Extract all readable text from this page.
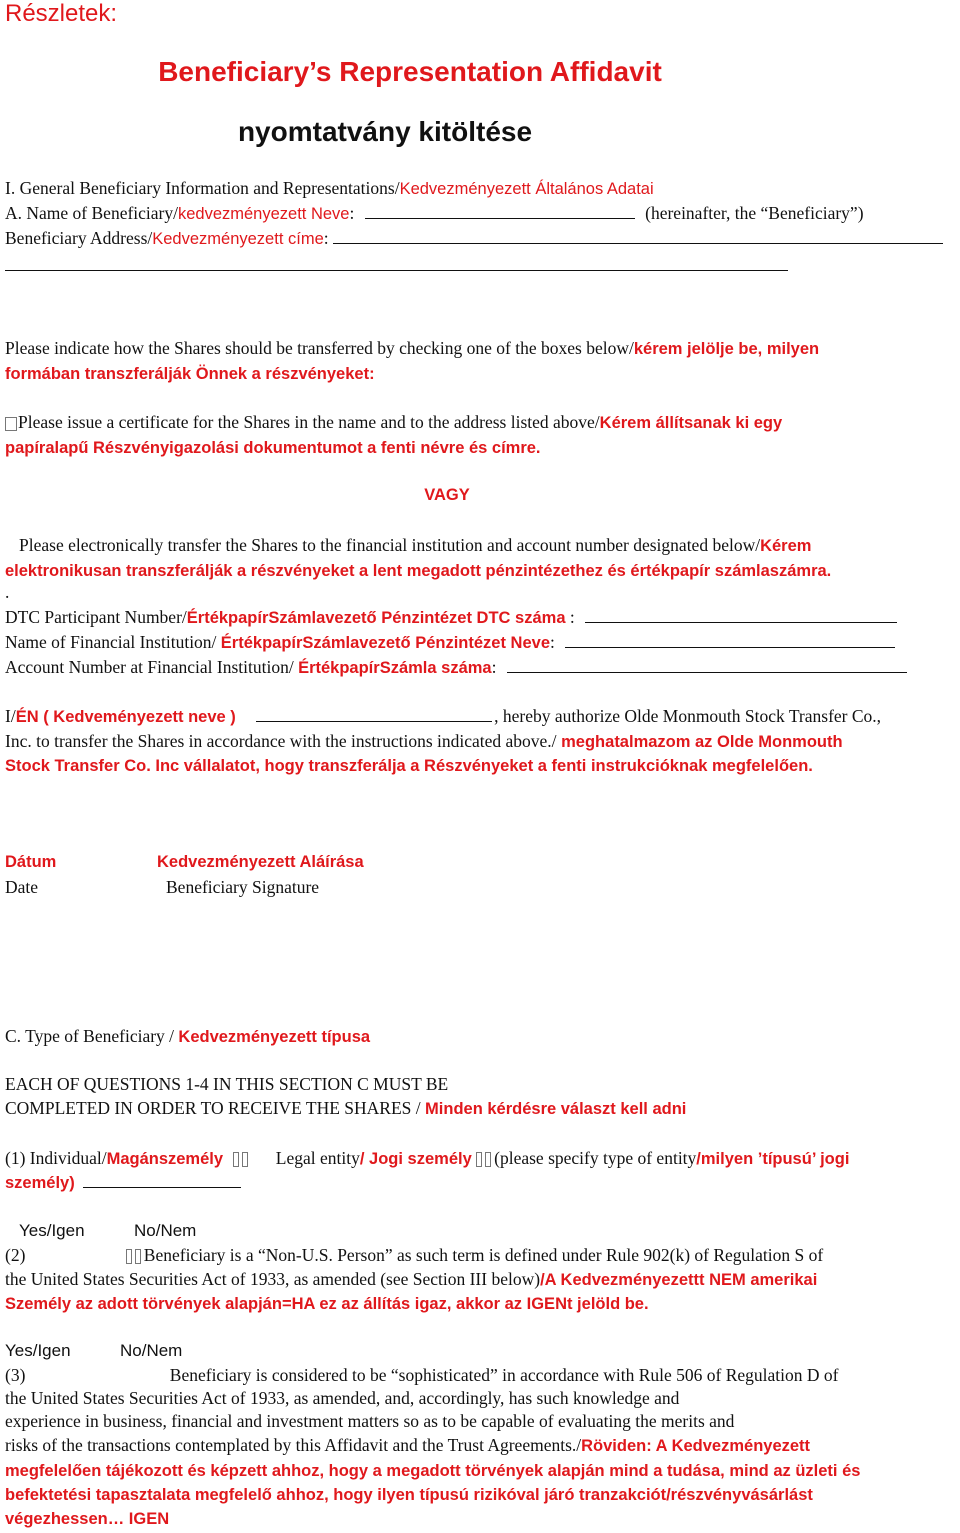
Részletek:
Beneficiary’s Representation Affidavit
nyomtatvány kitöltése
I. General Beneficiary Information and Representations/Kedvezményezett Általános Adatai
A. Name of Beneficiary/kedvezményezett Neve:	(hereinafter, the “Beneficiary”)
Beneficiary Address/Kedvezményezett címe:
Please indicate how the Shares should be transferred by checking one of the boxes below/kérem jelölje be, milyen
formában transzferálják Önnek a részvényeket:
Please issue a certificate for the Shares in the name and to the address listed above/Kérem állítsanak ki egy
papíralapű Részvényigazolási dokumentumot a fenti névre és címre.
VAGY
Please electronically transfer the Shares to the financial institution and account number designated below/Kérem
elektronikusan transzferálják a részvényeket a lent megadott pénzintézethez és értékpapír számlaszámra.
.
DTC Participant Number/ÉrtékpapírSzámlavezető Pénzintézet DTC száma :
Name of Financial Institution/ ÉrtékpapírSzámlavezető Pénzintézet Neve:
Account Number at Financial Institution/ ÉrtékpapírSzámla száma:
I/ÉN ( Kedveményezett neve )	, hereby authorize Olde Monmouth Stock Transfer Co.,
Inc. to transfer the Shares in accordance with the instructions indicated above./ meghatalmazom az Olde Monmouth
Stock Transfer Co. Inc vállalatot, hogy transzferálja a Részvényeket a fenti instrukcióknak megfelelően.
Dátum	Kedvezményezett Aláírása
Date	Beneficiary Signature
C. Type of Beneficiary / Kedvezményezett típusa
EACH OF QUESTIONS 1-4 IN THIS SECTION C MUST BE
COMPLETED IN ORDER TO RECEIVE THE SHARES / Minden kérdésre választ kell adni
(1) Individual/Magánszemély	Legal entity/ Jogi személy (please specify type of entity/milyen ’típusú’ jogi
személy)
Yes/Igen	No/Nem
(2)	Beneficiary is a “Non-U.S. Person” as such term is defined under Rule 902(k) of Regulation S of
the United States Securities Act of 1933, as amended (see Section III below)/A Kedvezményezettt NEM amerikai
Személy az adott törvények alapján=HA ez az állítás igaz, akkor az IGENt jelöld be.
Yes/Igen	No/Nem
(3)	Beneficiary is considered to be “sophisticated” in accordance with Rule 506 of Regulation D of
the United States Securities Act of 1933, as amended, and, accordingly, has such knowledge and
experience in business, financial and investment matters so as to be capable of evaluating the merits and
risks of the transactions contemplated by this Affidavit and the Trust Agreements./Röviden: A Kedvezményezett
megfelelően tájékozott és képzett ahhoz, hogy a megadott törvények alapján mind a tudása, mind az üzleti és
befektetési tapasztalata megfelelő ahhoz, hogy ilyen típusú rizikóval járó tranzakciót/részvényvásárlást
végezhessen… IGEN
